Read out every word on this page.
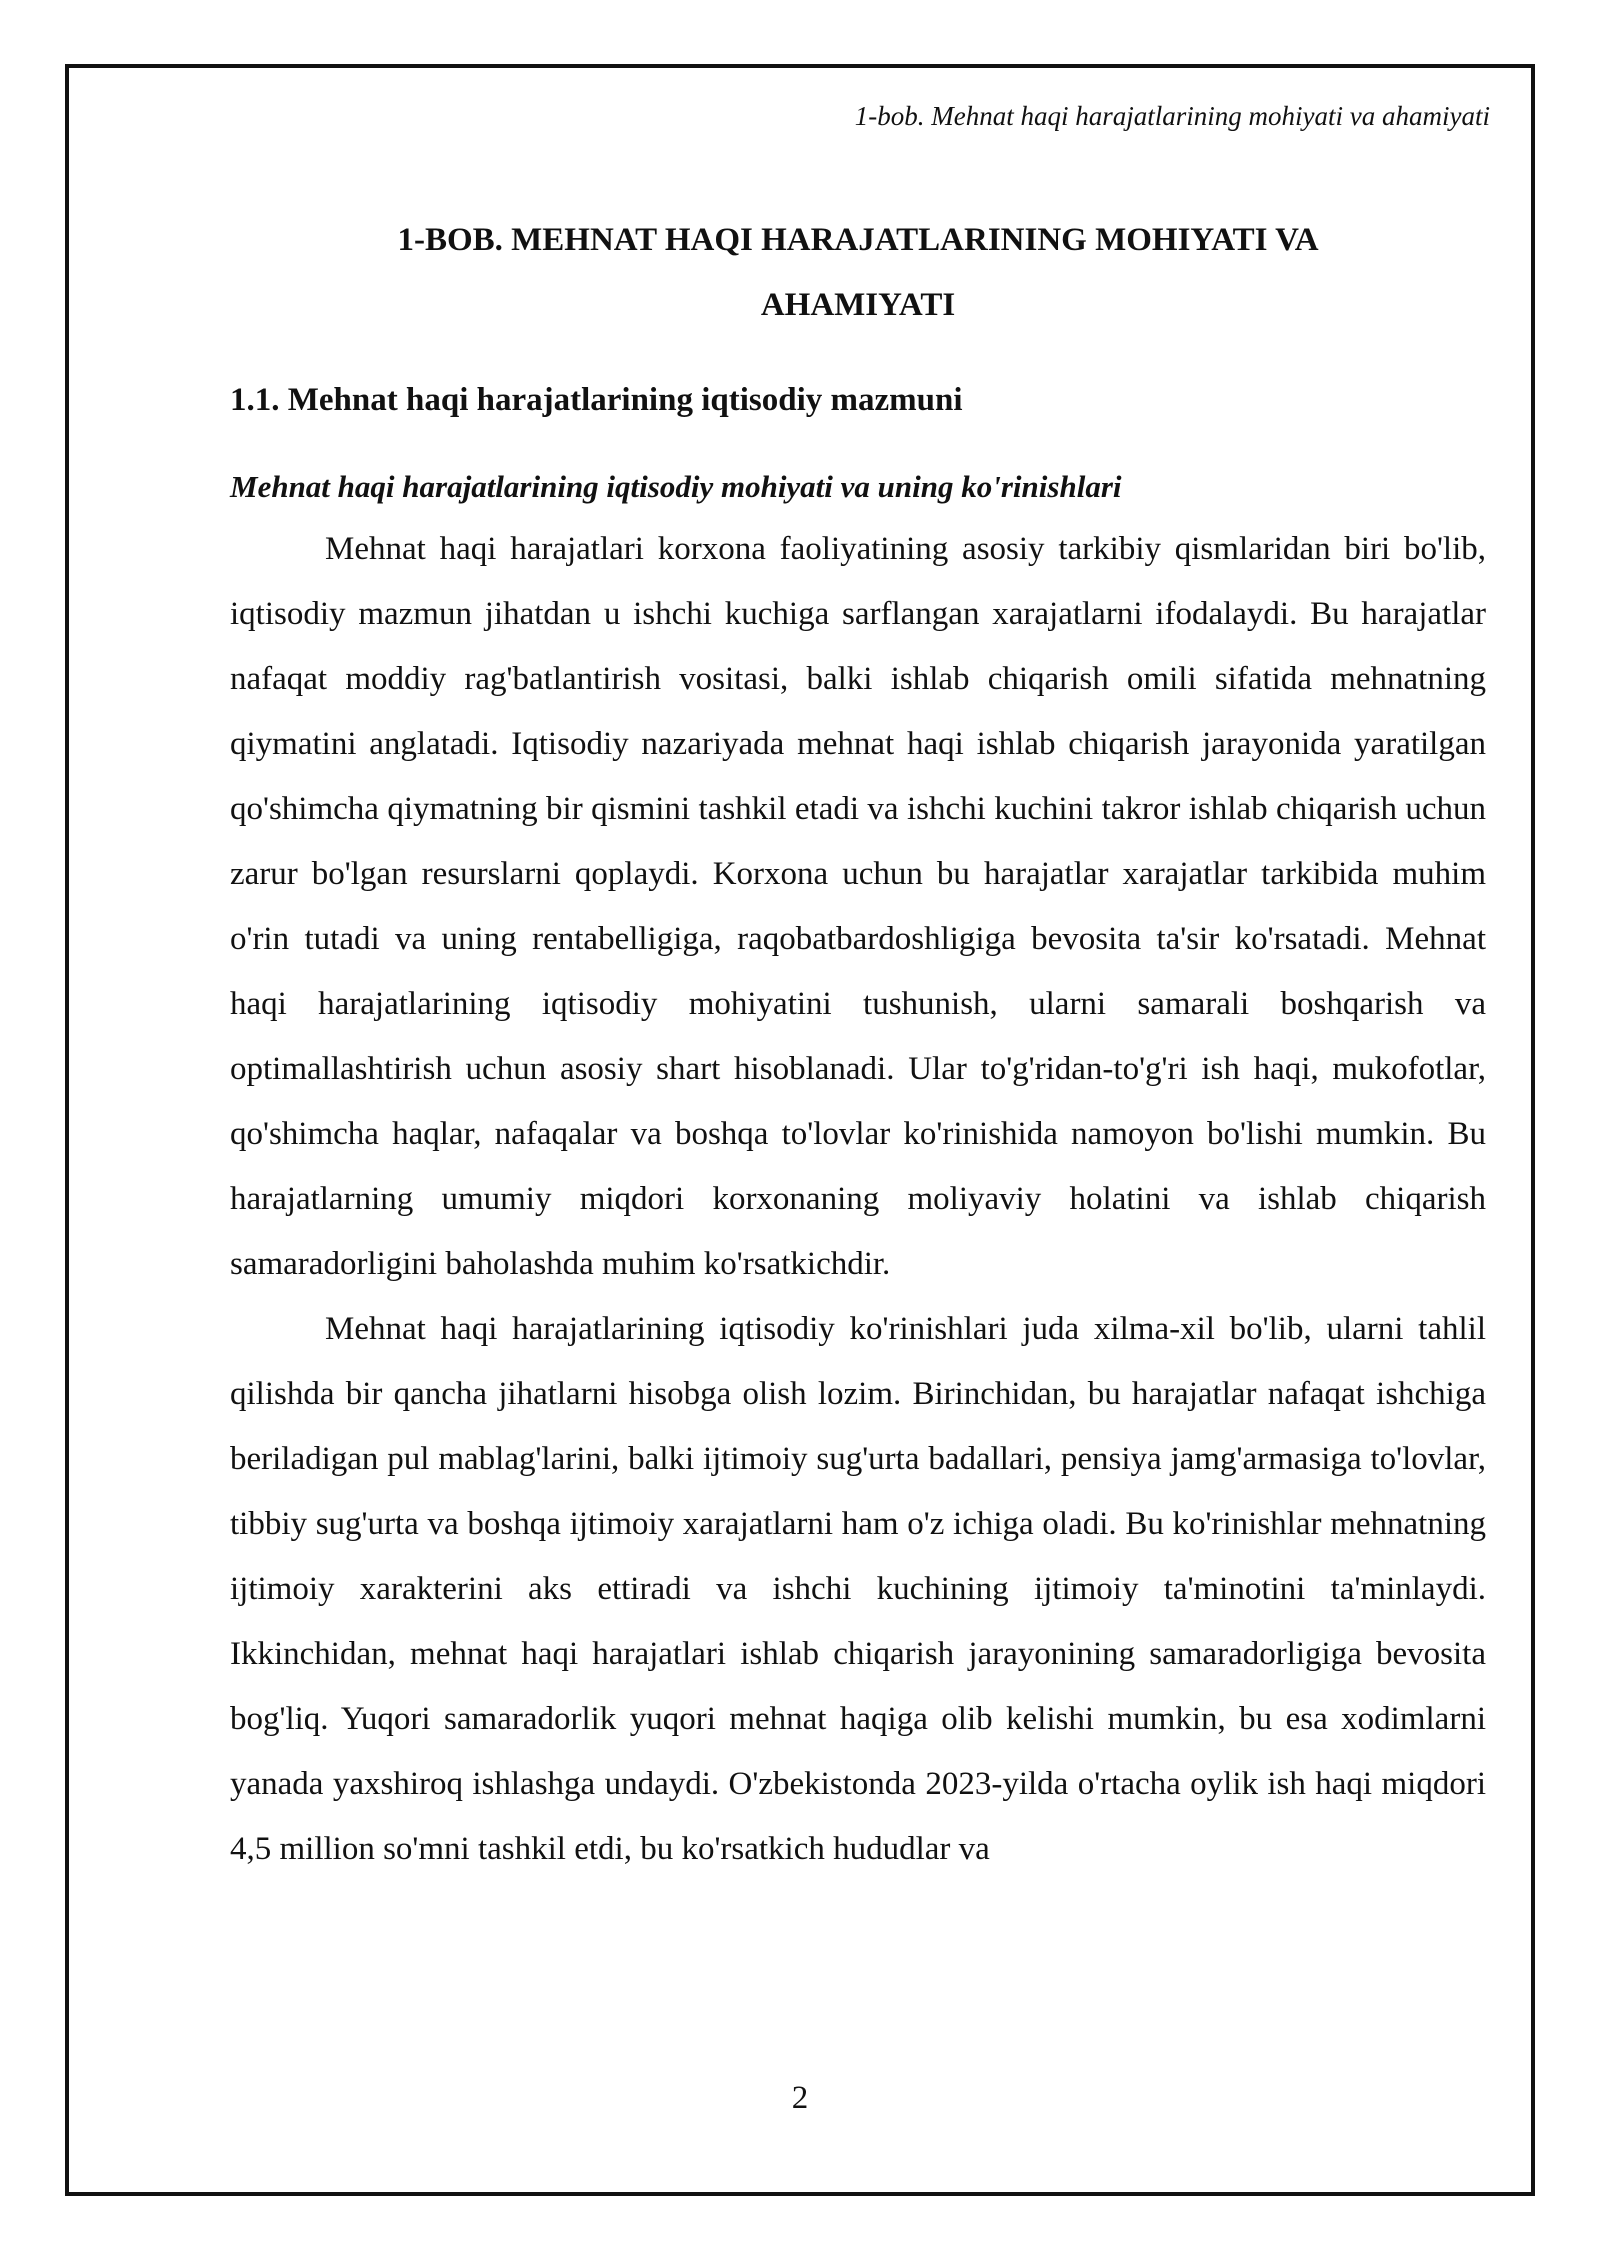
1-bob. Mehnat haqi harajatlarining mohiyati va ahamiyati
1-BOB. MEHNAT HAQI HARAJATLARINING MOHIYATI VA
AHAMIYATI
1.1. Mehnat haqi harajatlarining iqtisodiy mazmuni
Mehnat haqi harajatlarining iqtisodiy mohiyati va uning ko'rinishlari

Mehnat haqi harajatlari korxona faoliyatining asosiy tarkibiy qismlaridan biri bo'lib, iqtisodiy mazmun jihatdan u ishchi kuchiga sarflangan xarajatlarni ifodalaydi. Bu harajatlar nafaqat moddiy rag'batlantirish vositasi, balki ishlab chiqarish omili sifatida mehnatning qiymatini anglatadi. Iqtisodiy nazariyada mehnat haqi ishlab chiqarish jarayonida yaratilgan qo'shimcha qiymatning bir qismini tashkil etadi va ishchi kuchini takror ishlab chiqarish uchun zarur bo'lgan resurslarni qoplaydi. Korxona uchun bu harajatlar xarajatlar tarkibida muhim o'rin tutadi va uning rentabelligiga, raqobatbardoshligiga bevosita ta'sir ko'rsatadi. Mehnat haqi harajatlarining iqtisodiy mohiyatini tushunish, ularni samarali boshqarish va optimallashtirish uchun asosiy shart hisoblanadi. Ular to'g'ridan-to'g'ri ish haqi, mukofotlar, qo'shimcha haqlar, nafaqalar va boshqa to'lovlar ko'rinishida namoyon bo'lishi mumkin. Bu harajatlarning umumiy miqdori korxonaning moliyaviy holatini va ishlab chiqarish samaradorligini baholashda muhim ko'rsatkichdir.

Mehnat haqi harajatlarining iqtisodiy ko'rinishlari juda xilma-xil bo'lib, ularni tahlil qilishda bir qancha jihatlarni hisobga olish lozim. Birinchidan, bu harajatlar nafaqat ishchiga beriladigan pul mablag'larini, balki ijtimoiy sug'urta badallari, pensiya jamg'armasiga to'lovlar, tibbiy sug'urta va boshqa ijtimoiy xarajatlarni ham o'z ichiga oladi. Bu ko'rinishlar mehnatning ijtimoiy xarakterini aks ettiradi va ishchi kuchining ijtimoiy ta'minotini ta'minlaydi. Ikkinchidan, mehnat haqi harajatlari ishlab chiqarish jarayonining samaradorligiga bevosita bog'liq. Yuqori samaradorlik yuqori mehnat haqiga olib kelishi mumkin, bu esa xodimlarni yanada yaxshiroq ishlashga undaydi. O'zbekistonda 2023-yilda o'rtacha oylik ish haqi miqdori 4,5 million so'mni tashkil etdi, bu ko'rsatkich hududlar va

2
